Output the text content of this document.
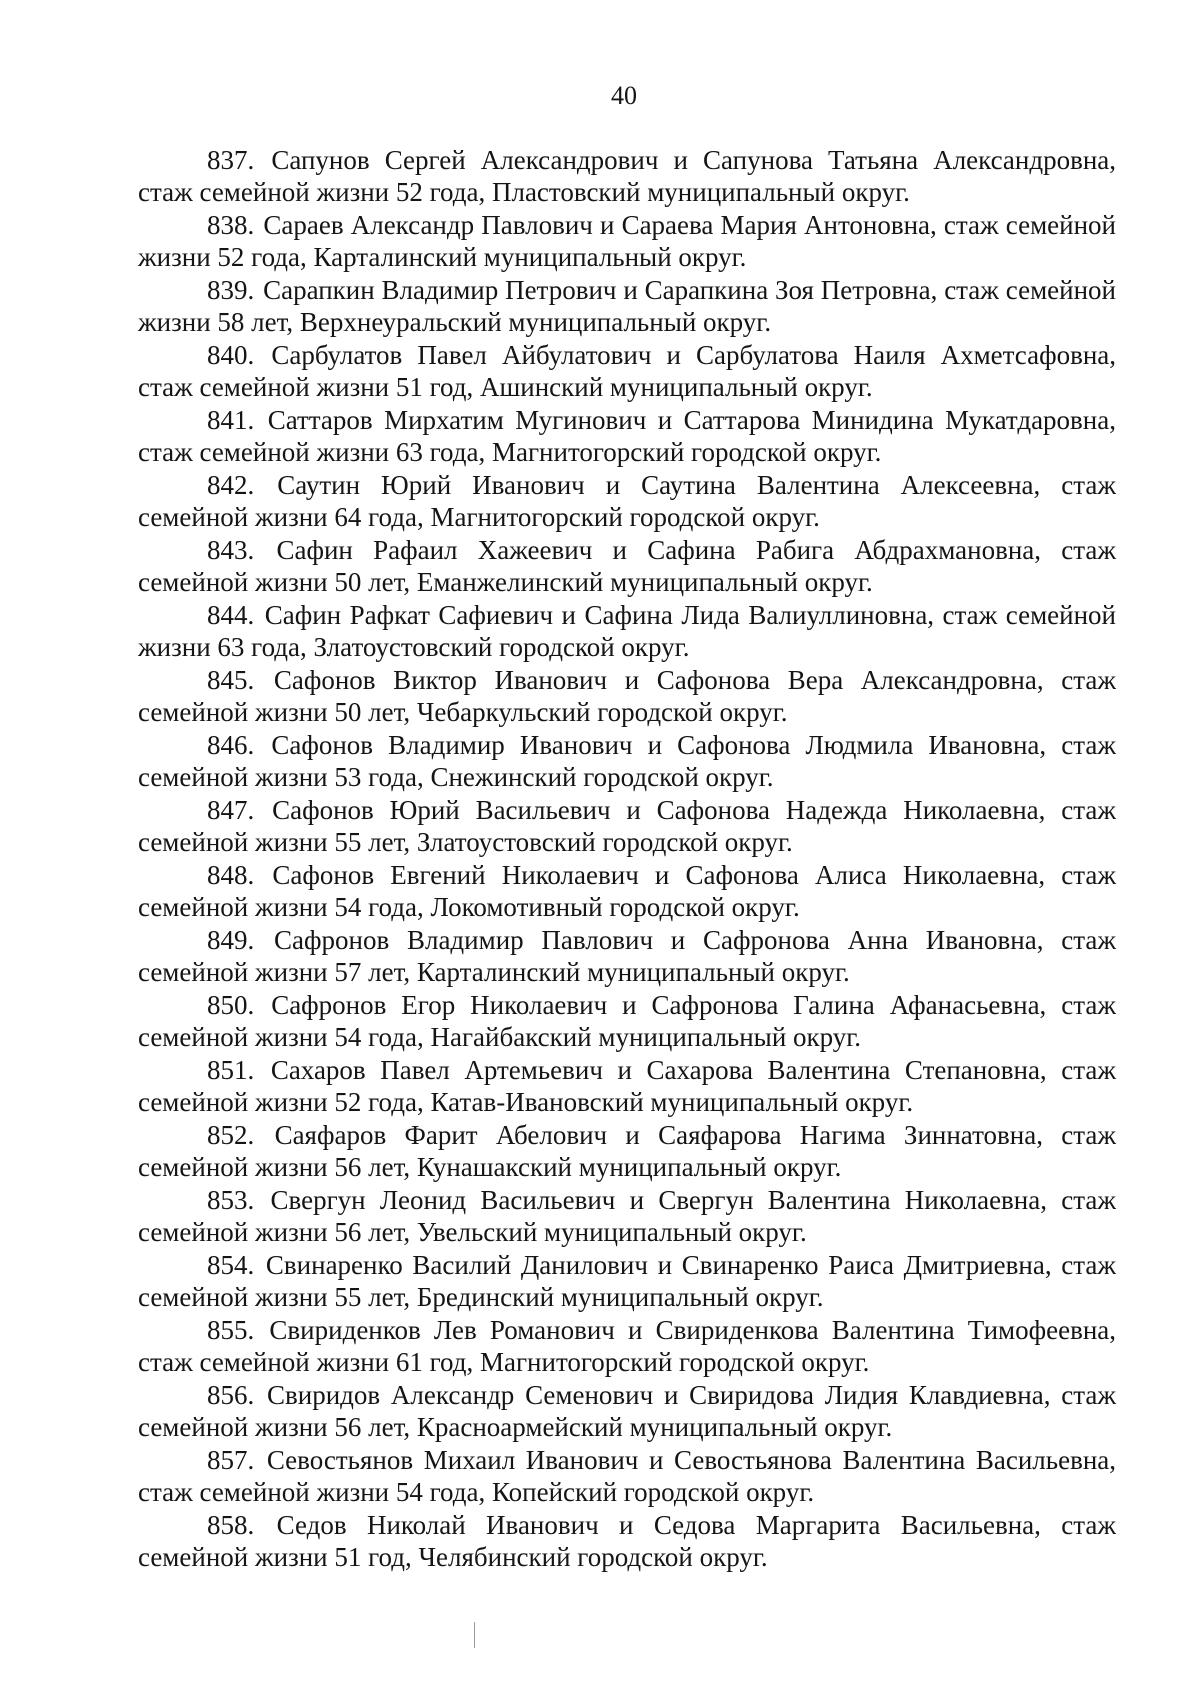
40
837. Сапунов Сергей Александрович и Сапунова Татьяна Александровна, стаж семейной жизни 52 года, Пластовский муниципальный округ.
838. Сараев Александр Павлович и Сараева Мария Антоновна, стаж семейной жизни 52 года, Карталинский муниципальный округ.
839. Сарапкин Владимир Петрович и Сарапкина Зоя Петровна, стаж семейной жизни 58 лет, Верхнеуральский муниципальный округ.
840. Сарбулатов Павел Айбулатович и Сарбулатова Наиля Ахметсафовна, стаж семейной жизни 51 год, Ашинский муниципальный округ.
841. Саттаров Мирхатим Мугинович и Саттарова Минидина Мукатдаровна, стаж семейной жизни 63 года, Магнитогорский городской округ.
842. Саутин Юрий Иванович и Саутина Валентина Алексеевна, стаж семейной жизни 64 года, Магнитогорский городской округ.
843. Сафин Рафаил Хажеевич и Сафина Рабига Абдрахмановна, стаж семейной жизни 50 лет, Еманжелинский муниципальный округ.
844. Сафин Рафкат Сафиевич и Сафина Лида Валиуллиновна, стаж семейной жизни 63 года, Златоустовский городской округ.
845. Сафонов Виктор Иванович и Сафонова Вера Александровна, стаж семейной жизни 50 лет, Чебаркульский городской округ.
846. Сафонов Владимир Иванович и Сафонова Людмила Ивановна, стаж семейной жизни 53 года, Снежинский городской округ.
847. Сафонов Юрий Васильевич и Сафонова Надежда Николаевна, стаж семейной жизни 55 лет, Златоустовский городской округ.
848. Сафонов Евгений Николаевич и Сафонова Алиса Николаевна, стаж семейной жизни 54 года, Локомотивный городской округ.
849. Сафронов Владимир Павлович и Сафронова Анна Ивановна, стаж семейной жизни 57 лет, Карталинский муниципальный округ.
850. Сафронов Егор Николаевич и Сафронова Галина Афанасьевна, стаж семейной жизни 54 года, Нагайбакский муниципальный округ.
851. Сахаров Павел Артемьевич и Сахарова Валентина Степановна, стаж семейной жизни 52 года, Катав-Ивановский муниципальный округ.
852. Саяфаров Фарит Абелович и Саяфарова Нагима Зиннатовна, стаж семейной жизни 56 лет, Кунашакский муниципальный округ.
853. Свергун Леонид Васильевич и Свергун Валентина Николаевна, стаж семейной жизни 56 лет, Увельский муниципальный округ.
854. Свинаренко Василий Данилович и Свинаренко Раиса Дмитриевна, стаж семейной жизни 55 лет, Брединский муниципальный округ.
855. Свириденков Лев Романович и Свириденкова Валентина Тимофеевна, стаж семейной жизни 61 год, Магнитогорский городской округ.
856. Свиридов Александр Семенович и Свиридова Лидия Клавдиевна, стаж семейной жизни 56 лет, Красноармейский муниципальный округ.
857. Севостьянов Михаил Иванович и Севостьянова Валентина Васильевна, стаж семейной жизни 54 года, Копейский городской округ.
858. Седов Николай Иванович и Седова Маргарита Васильевна, стаж семейной жизни 51 год, Челябинский городской округ.
